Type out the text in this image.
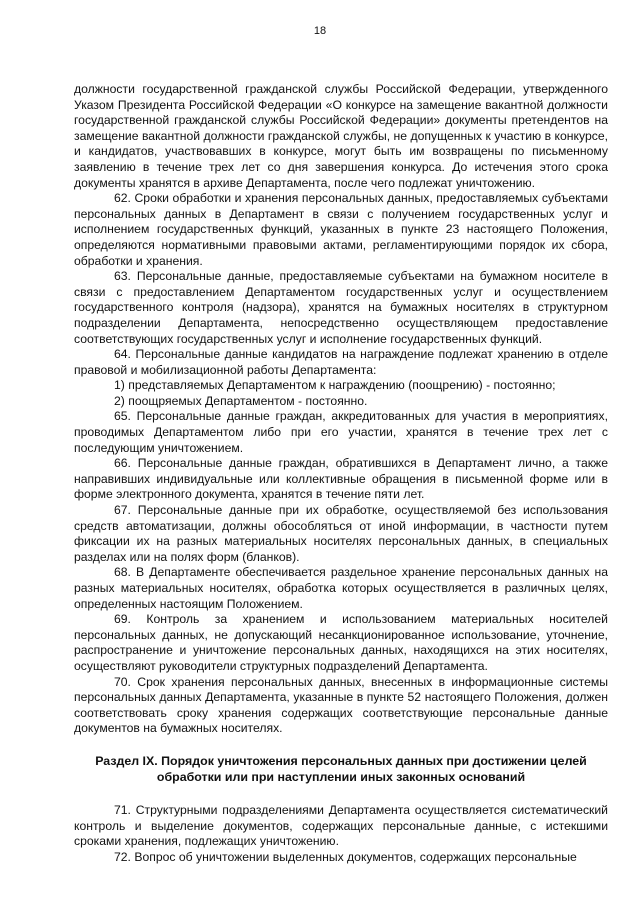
18

должности государственной гражданской службы Российской Федерации, утвержденного Указом Президента Российской Федерации «О конкурсе на замещение вакантной должности государственной гражданской службы Российской Федерации» документы претендентов на замещение вакантной должности гражданской службы, не допущенных к участию в конкурсе, и кандидатов, участвовавших в конкурсе, могут быть им возвращены по письменному заявлению в течение трех лет со дня завершения конкурса. До истечения этого срока документы хранятся в архиве Департамента, после чего подлежат уничтожению.

62. Сроки обработки и хранения персональных данных, предоставляемых субъектами персональных данных в Департамент в связи с получением государственных услуг и исполнением государственных функций, указанных в пункте 23 настоящего Положения, определяются нормативными правовыми актами, регламентирующими порядок их сбора, обработки и хранения.

63. Персональные данные, предоставляемые субъектами на бумажном носителе в связи с предоставлением Департаментом государственных услуг и осуществлением государственного контроля (надзора), хранятся на бумажных носителях в структурном подразделении Департамента, непосредственно осуществляющем предоставление соответствующих государственных услуг и исполнение государственных функций.

64. Персональные данные кандидатов на награждение подлежат хранению в отделе правовой и мобилизационной работы Департамента:

1) представляемых Департаментом к награждению (поощрению) - постоянно;

2) поощряемых Департаментом - постоянно.

65. Персональные данные граждан, аккредитованных для участия в мероприятиях, проводимых Департаментом либо при его участии, хранятся в течение трех лет с последующим уничтожением.

66. Персональные данные граждан, обратившихся в Департамент лично, а также направивших индивидуальные или коллективные обращения в письменной форме или в форме электронного документа, хранятся в течение пяти лет.

67. Персональные данные при их обработке, осуществляемой без использования средств автоматизации, должны обособляться от иной информации, в частности путем фиксации их на разных материальных носителях персональных данных, в специальных разделах или на полях форм (бланков).

68. В Департаменте обеспечивается раздельное хранение персональных данных на разных материальных носителях, обработка которых осуществляется в различных целях, определенных настоящим Положением.

69. Контроль за хранением и использованием материальных носителей персональных данных, не допускающий несанкционированное использование, уточнение, распространение и уничтожение персональных данных, находящихся на этих носителях, осуществляют руководители структурных подразделений Департамента.

70. Срок хранения персональных данных, внесенных в информационные системы персональных данных Департамента, указанные в пункте 52 настоящего Положения, должен соответствовать сроку хранения содержащих соответствующие персональные данные документов на бумажных носителях.

Раздел IX. Порядок уничтожения персональных данных при достижении целей обработки или при наступлении иных законных оснований

71. Структурными подразделениями Департамента осуществляется систематический контроль и выделение документов, содержащих персональные данные, с истекшими сроками хранения, подлежащих уничтожению.

72. Вопрос об уничтожении выделенных документов, содержащих персональные
